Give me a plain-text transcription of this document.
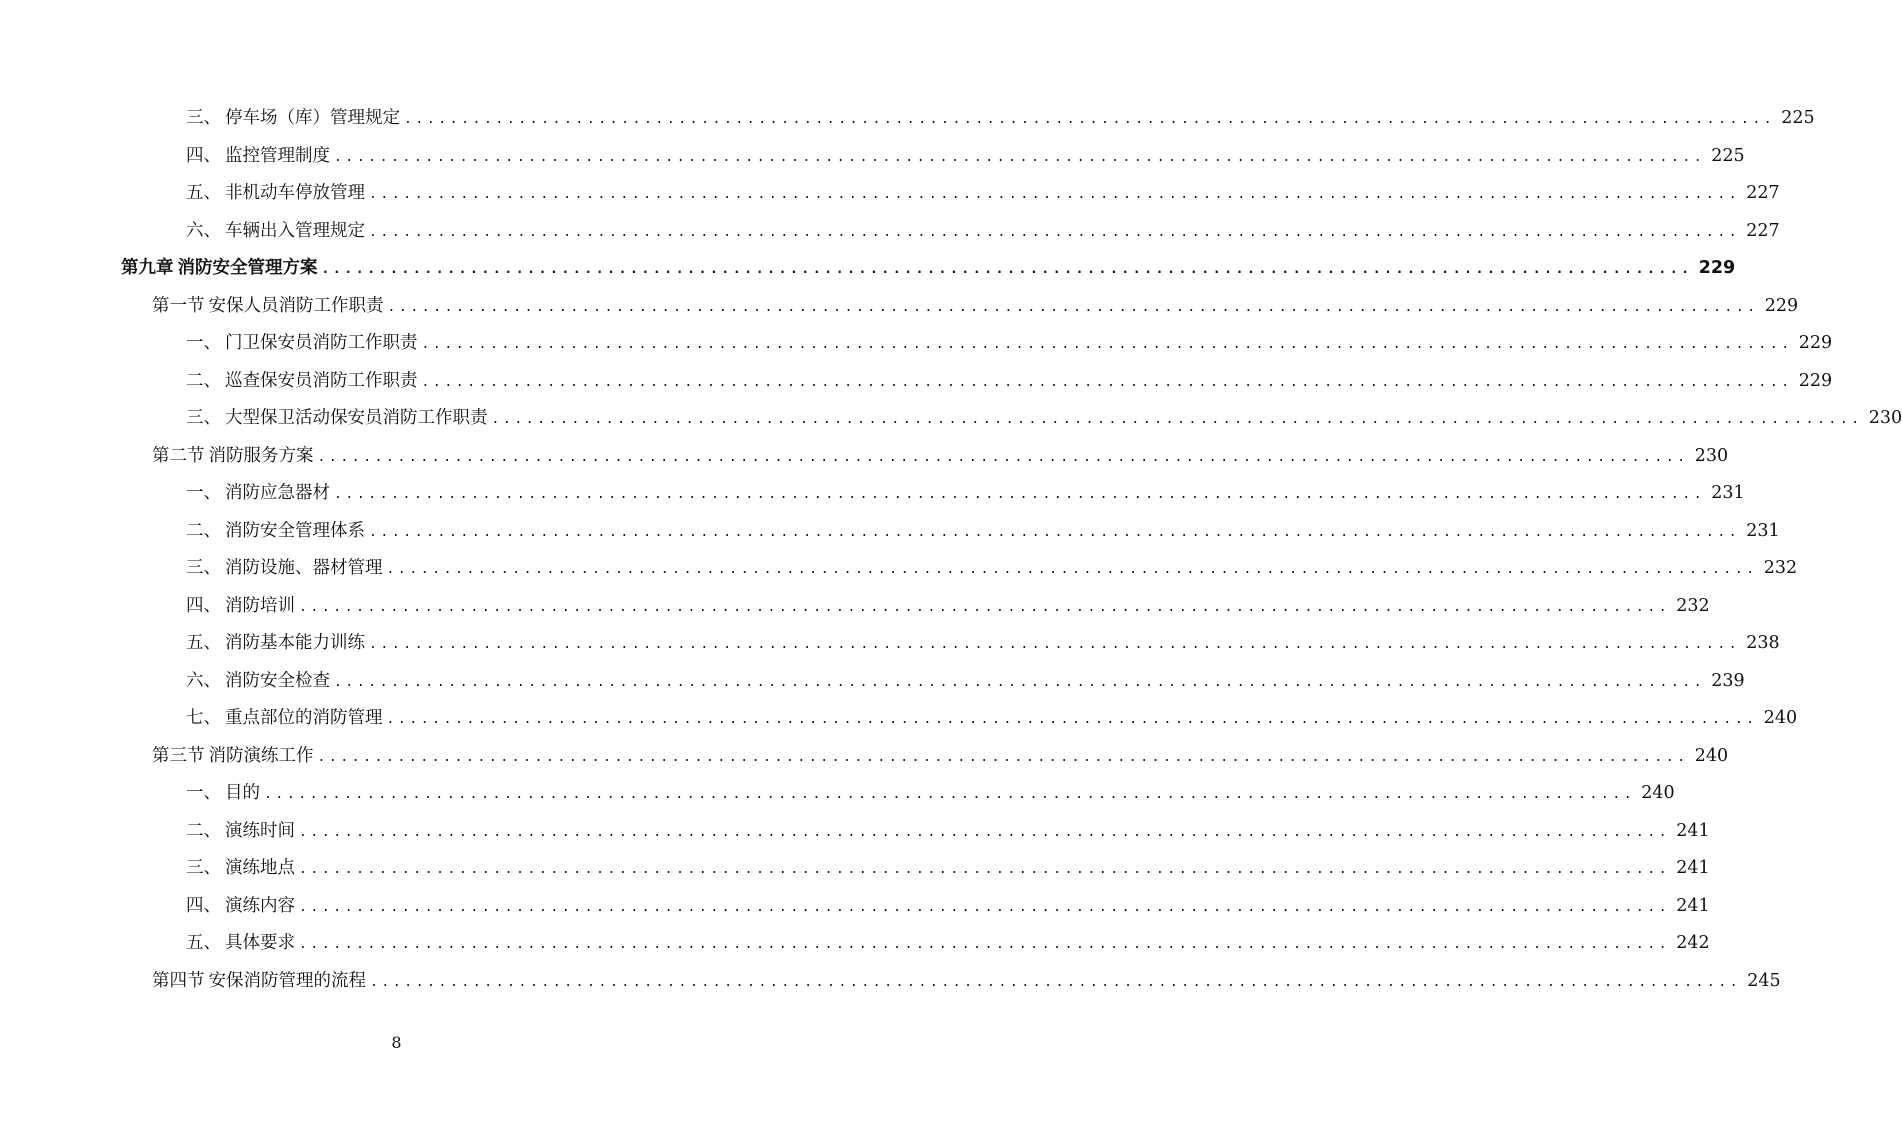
三、 停车场（库）管理规定 ........................................................................................................................ 225
四、 监控管理制度 ........................................................................................................................ 225
五、 非机动车停放管理 ........................................................................................................................ 227
六、 车辆出入管理规定 ........................................................................................................................ 227
第九章 消防安全管理方案 ........................................................................................................................ 229
第一节 安保人员消防工作职责 ........................................................................................................................ 229
一、 门卫保安员消防工作职责 ........................................................................................................................ 229
二、 巡查保安员消防工作职责 ........................................................................................................................ 229
三、 大型保卫活动保安员消防工作职责 ........................................................................................................................ 230
第二节 消防服务方案 ........................................................................................................................ 230
一、 消防应急器材 ........................................................................................................................ 231
二、 消防安全管理体系 ........................................................................................................................ 231
三、 消防设施、器材管理 ........................................................................................................................ 232
四、 消防培训 ........................................................................................................................ 232
五、 消防基本能力训练 ........................................................................................................................ 238
六、 消防安全检查 ........................................................................................................................ 239
七、 重点部位的消防管理 ........................................................................................................................ 240
第三节 消防演练工作 ........................................................................................................................ 240
一、 目的 ........................................................................................................................ 240
二、 演练时间 ........................................................................................................................ 241
三、 演练地点 ........................................................................................................................ 241
四、 演练内容 ........................................................................................................................ 241
五、 具体要求 ........................................................................................................................ 242
第四节 安保消防管理的流程 ........................................................................................................................ 245
8
